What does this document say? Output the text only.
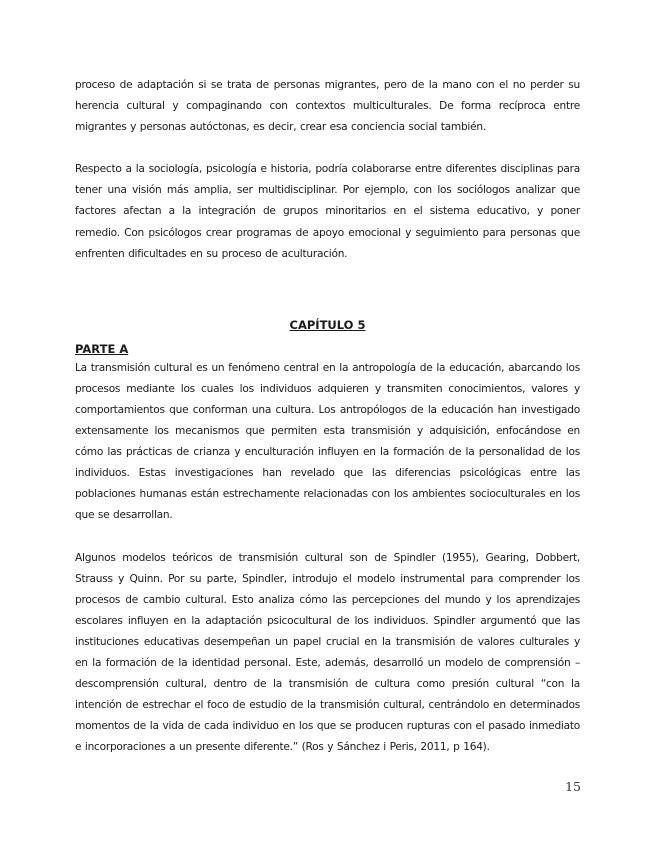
proceso de adaptación si se trata de personas migrantes, pero de la mano con el no perder su herencia cultural y compaginando con contextos multiculturales. De forma recíproca entre migrantes y personas autóctonas, es decir, crear esa conciencia social también.

Respecto a la sociología, psicología e historia, podría colaborarse entre diferentes disciplinas para tener una visión más amplia, ser multidisciplinar. Por ejemplo, con los sociólogos analizar que factores afectan a la integración de grupos minoritarios en el sistema educativo, y poner remedio. Con psicólogos crear programas de apoyo emocional y seguimiento para personas que enfrenten dificultades en su proceso de aculturación.

CAPÍTULO 5
PARTE A

La transmisión cultural es un fenómeno central en la antropología de la educación, abarcando los procesos mediante los cuales los individuos adquieren y transmiten conocimientos, valores y comportamientos que conforman una cultura. Los antropólogos de la educación han investigado extensamente los mecanismos que permiten esta transmisión y adquisición, enfocándose en cómo las prácticas de crianza y enculturación influyen en la formación de la personalidad de los individuos. Estas investigaciones han revelado que las diferencias psicológicas entre las poblaciones humanas están estrechamente relacionadas con los ambientes socioculturales en los que se desarrollan.

Algunos modelos teóricos de transmisión cultural son de Spindler (1955), Gearing, Dobbert, Strauss y Quinn. Por su parte, Spindler, introdujo el modelo instrumental para comprender los procesos de cambio cultural. Esto analiza cómo las percepciones del mundo y los aprendizajes escolares influyen en la adaptación psicocultural de los individuos. Spindler argumentó que las instituciones educativas desempeñan un papel crucial en la transmisión de valores culturales y en la formación de la identidad personal. Este, además, desarrolló un modelo de comprensión – descomprensión cultural, dentro de la transmisión de cultura como presión cultural “con la intención de estrechar el foco de estudio de la transmisión cultural, centrándolo en determinados momentos de la vida de cada individuo en los que se producen rupturas con el pasado inmediato e incorporaciones a un presente diferente.” (Ros y Sánchez i Peris, 2011, p 164).

15
